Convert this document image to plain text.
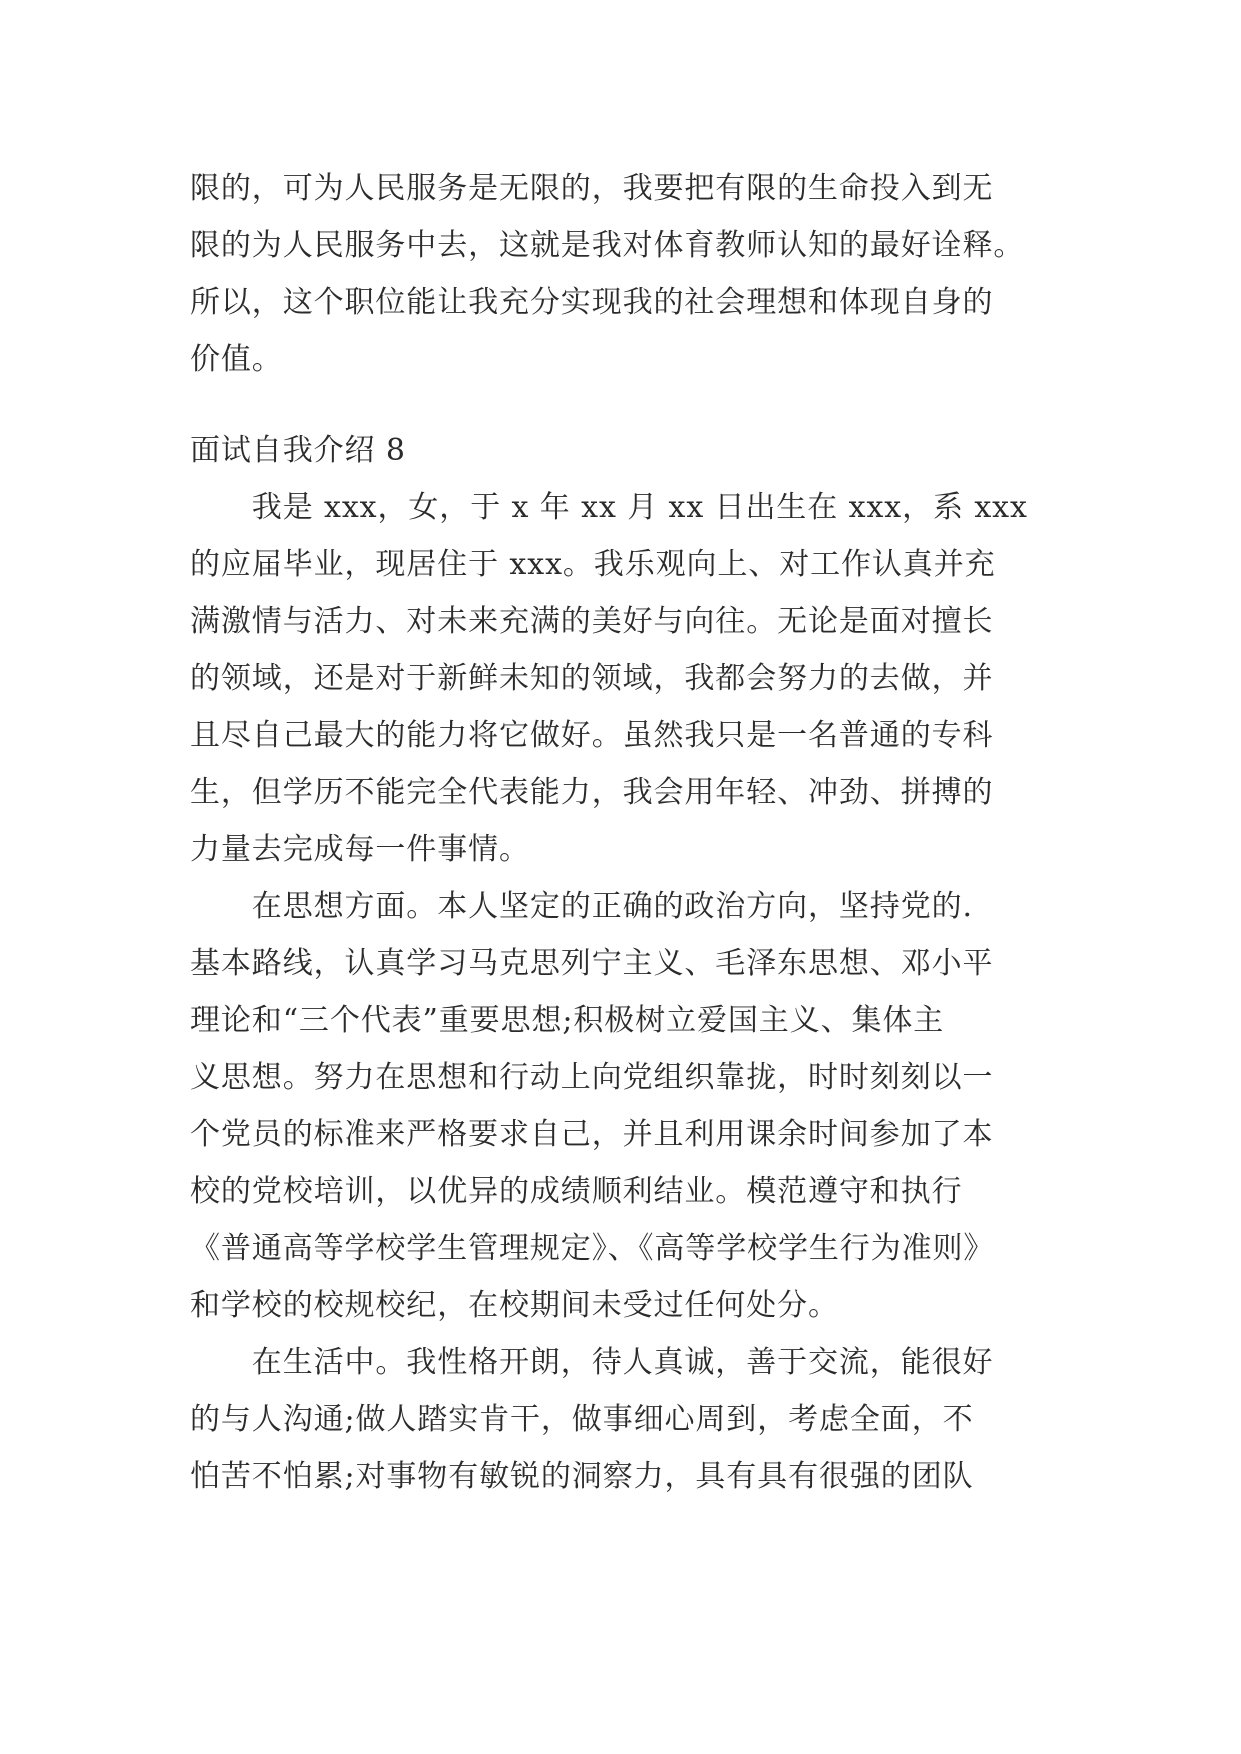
限的，可为人民服务是无限的，我要把有限的生命投入到无
限的为人民服务中去，这就是我对体育教师认知的最好诠释。
所以，这个职位能让我充分实现我的社会理想和体现自身的
价值。
面试自我介绍 8
　　我是 xxx，女，于 x 年 xx 月 xx 日出生在 xxx，系 xxx
的应届毕业，现居住于 xxx。我乐观向上、对工作认真并充
满激情与活力、对未来充满的美好与向往。无论是面对擅长
的领域，还是对于新鲜未知的领域，我都会努力的去做，并
且尽自己最大的能力将它做好。虽然我只是一名普通的专科
生，但学历不能完全代表能力，我会用年轻、冲劲、拼搏的
力量去完成每一件事情。
　　在思想方面。本人坚定的正确的政治方向，坚持党的.
基本路线，认真学习马克思列宁主义、毛泽东思想、邓小平
理论和“三个代表”重要思想;积极树立爱国主义、集体主
义思想。努力在思想和行动上向党组织靠拢，时时刻刻以一
个党员的标准来严格要求自己，并且利用课余时间参加了本
校的党校培训，以优异的成绩顺利结业。模范遵守和执行
《普通高等学校学生管理规定》、《高等学校学生行为准则》
和学校的校规校纪，在校期间未受过任何处分。
　　在生活中。我性格开朗，待人真诚，善于交流，能很好
的与人沟通;做人踏实肯干，做事细心周到，考虑全面，不
怕苦不怕累;对事物有敏锐的洞察力，具有具有很强的团队
